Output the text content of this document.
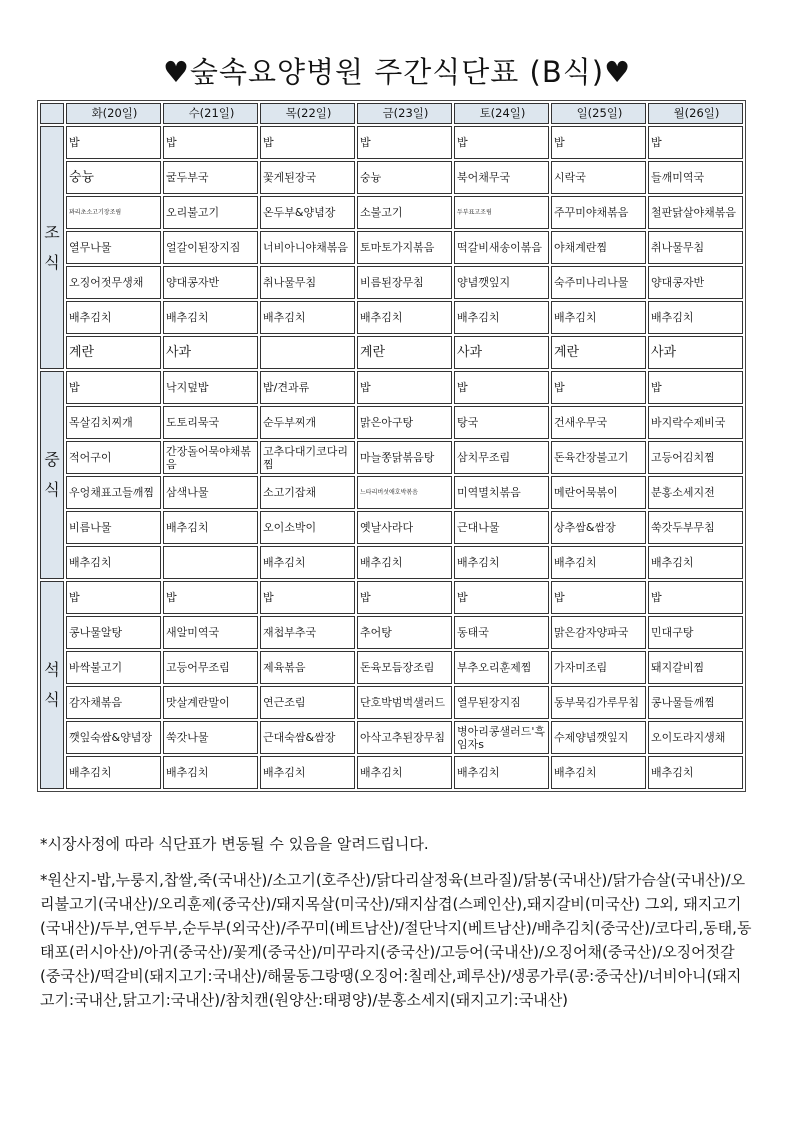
♥숲속요양병원 주간식단표 (B식)♥
	화(20일)	수(21일)	목(22일)	금(23일)	토(24일)	일(25일)	월(26일)

조
식	밥	밥	밥	밥	밥	밥	밥
	숭늉	굴두부국	꽃게된장국	숭늉	북어채무국	시락국	들깨미역국
	꽈리초소고기장조림	오리불고기	온두부&양념장	소불고기	두부표고조림	주꾸미야채볶음	철판닭살야채볶음
	열무나물	얼갈이된장지짐	너비아니야채볶음	토마토가지볶음	떡갈비새송이볶음	야채계란찜	취나물무침
	오징어젓무생채	양대콩자반	취나물무침	비름된장무침	양념깻잎지	숙주미나리나물	양대콩자반
	배추김치	배추김치	배추김치	배추김치	배추김치	배추김치	배추김치
	계란	사과		계란	사과	계란	사과

중
식	밥	낙지덮밥	밥/견과류	밥	밥	밥	밥
	목살김치찌개	도토리묵국	순두부찌개	맑은아구탕	탕국	건새우무국	바지락수제비국
	적어구이	간장돌어묵야채볶음	고추다대기코다리찜	마늘쫑닭볶음탕	삼치무조림	돈육간장불고기	고등어김치찜
	우엉채표고들깨찜	삼색나물	소고기잡채	느타리버섯애호박볶음	미역멸치볶음	메란어묵볶이	분홍소세지전
	비름나물	배추김치	오이소박이	옛날사라다	근대나물	상추쌈&쌈장	쑥갓두부무침
	배추김치		배추김치	배추김치	배추김치	배추김치	배추김치

석
식	밥	밥	밥	밥	밥	밥	밥
	콩나물알탕	새알미역국	재첩부추국	추어탕	동태국	맑은감자양파국	민대구탕
	바싹불고기	고등어무조림	제육볶음	돈육모듬장조림	부추오리훈제찜	가자미조림	돼지갈비찜
	감자채볶음	맛살계란말이	연근조림	단호박범벅샐러드	열무된장지짐	동부묵김가루무침	콩나물들깨찜
	깻잎숙쌈&양념장	쑥갓나물	근대숙쌈&쌈장	아삭고추된장무침	병아리콩샐러드'흑임자s	수제양념깻잎지	오이도라지생채
	배추김치	배추김치	배추김치	배추김치	배추김치	배추김치	배추김치

*시장사정에 따라 식단표가 변동될 수 있음을 알려드립니다.

*원산지-밥,누룽지,찹쌀,죽(국내산)/소고기(호주산)/닭다리살정육(브라질)/닭봉(국내산)/닭가슴살(국내산)/오리불고기(국내산)/오리훈제(중국산)/돼지목살(미국산)/돼지삼겹(스페인산),돼지갈비(미국산) 그외, 돼지고기(국내산)/두부,연두부,순두부(외국산)/주꾸미(베트남산)/절단낙지(베트남산)/배추김치(중국산)/코다리,동태,동태포(러시아산)/아귀(중국산)/꽃게(중국산)/미꾸라지(중국산)/고등어(국내산)/오징어채(중국산)/오징어젓갈(중국산)/떡갈비(돼지고기:국내산)/해물동그랑땡(오징어:칠레산,페루산)/생콩가루(콩:중국산)/너비아니(돼지고기:국내산,닭고기:국내산)/참치캔(원양산:태평양)/분홍소세지(돼지고기:국내산)
